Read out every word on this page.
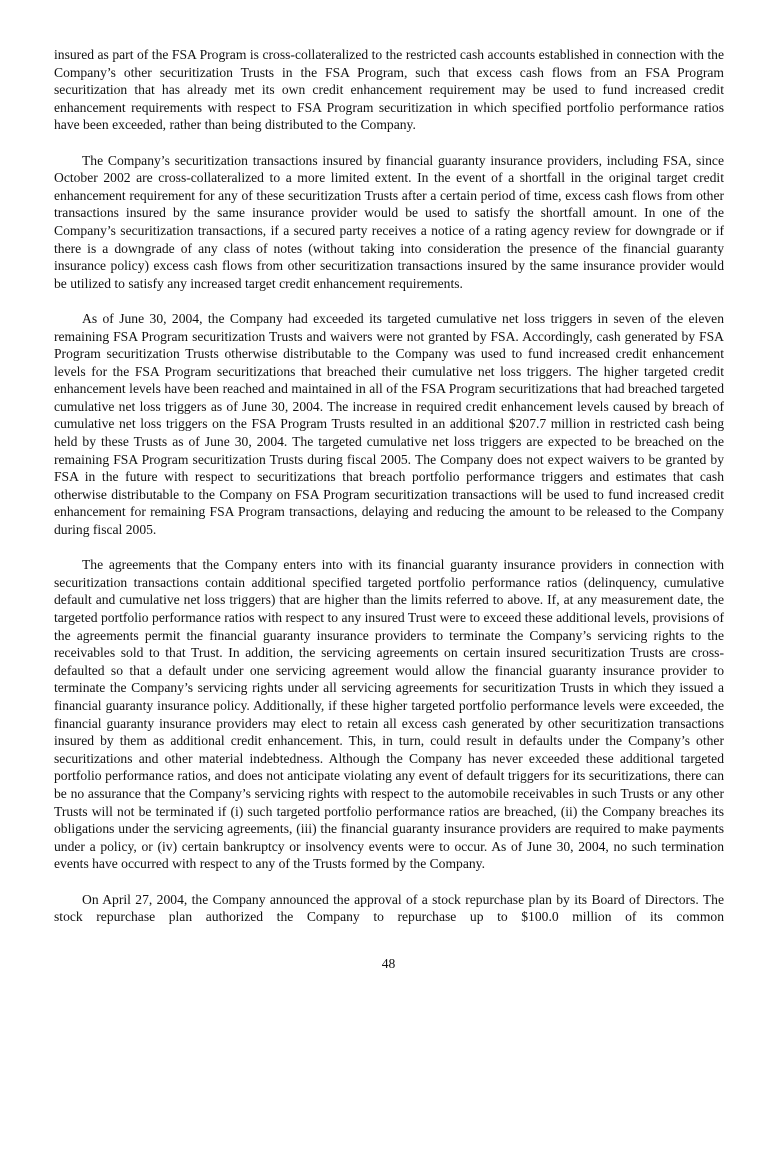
insured as part of the FSA Program is cross-collateralized to the restricted cash accounts established in connection with the Company’s other securitization Trusts in the FSA Program, such that excess cash flows from an FSA Program securitization that has already met its own credit enhancement requirement may be used to fund increased credit enhancement requirements with respect to FSA Program securitization in which specified portfolio performance ratios have been exceeded, rather than being distributed to the Company.

The Company’s securitization transactions insured by financial guaranty insurance providers, including FSA, since October 2002 are cross-collateralized to a more limited extent. In the event of a shortfall in the original target credit enhancement requirement for any of these securitization Trusts after a certain period of time, excess cash flows from other transactions insured by the same insurance provider would be used to satisfy the shortfall amount. In one of the Company’s securitization transactions, if a secured party receives a notice of a rating agency review for downgrade or if there is a downgrade of any class of notes (without taking into consideration the presence of the financial guaranty insurance policy) excess cash flows from other securitization transactions insured by the same insurance provider would be utilized to satisfy any increased target credit enhancement requirements.

As of June 30, 2004, the Company had exceeded its targeted cumulative net loss triggers in seven of the eleven remaining FSA Program securitization Trusts and waivers were not granted by FSA. Accordingly, cash generated by FSA Program securitization Trusts otherwise distributable to the Company was used to fund increased credit enhancement levels for the FSA Program securitizations that breached their cumulative net loss triggers. The higher targeted credit enhancement levels have been reached and maintained in all of the FSA Program securitizations that had breached targeted cumulative net loss triggers as of June 30, 2004. The increase in required credit enhancement levels caused by breach of cumulative net loss triggers on the FSA Program Trusts resulted in an additional $207.7 million in restricted cash being held by these Trusts as of June 30, 2004. The targeted cumulative net loss triggers are expected to be breached on the remaining FSA Program securitization Trusts during fiscal 2005. The Company does not expect waivers to be granted by FSA in the future with respect to securitizations that breach portfolio performance triggers and estimates that cash otherwise distributable to the Company on FSA Program securitization transactions will be used to fund increased credit enhancement for remaining FSA Program transactions, delaying and reducing the amount to be released to the Company during fiscal 2005.

The agreements that the Company enters into with its financial guaranty insurance providers in connection with securitization transactions contain additional specified targeted portfolio performance ratios (delinquency, cumulative default and cumulative net loss triggers) that are higher than the limits referred to above. If, at any measurement date, the targeted portfolio performance ratios with respect to any insured Trust were to exceed these additional levels, provisions of the agreements permit the financial guaranty insurance providers to terminate the Company’s servicing rights to the receivables sold to that Trust. In addition, the servicing agreements on certain insured securitization Trusts are cross-defaulted so that a default under one servicing agreement would allow the financial guaranty insurance provider to terminate the Company’s servicing rights under all servicing agreements for securitization Trusts in which they issued a financial guaranty insurance policy. Additionally, if these higher targeted portfolio performance levels were exceeded, the financial guaranty insurance providers may elect to retain all excess cash generated by other securitization transactions insured by them as additional credit enhancement. This, in turn, could result in defaults under the Company’s other securitizations and other material indebtedness. Although the Company has never exceeded these additional targeted portfolio performance ratios, and does not anticipate violating any event of default triggers for its securitizations, there can be no assurance that the Company’s servicing rights with respect to the automobile receivables in such Trusts or any other Trusts will not be terminated if (i) such targeted portfolio performance ratios are breached, (ii) the Company breaches its obligations under the servicing agreements, (iii) the financial guaranty insurance providers are required to make payments under a policy, or (iv) certain bankruptcy or insolvency events were to occur. As of June 30, 2004, no such termination events have occurred with respect to any of the Trusts formed by the Company.

On April 27, 2004, the Company announced the approval of a stock repurchase plan by its Board of Directors. The stock repurchase plan authorized the Company to repurchase up to $100.0 million of its common

48
